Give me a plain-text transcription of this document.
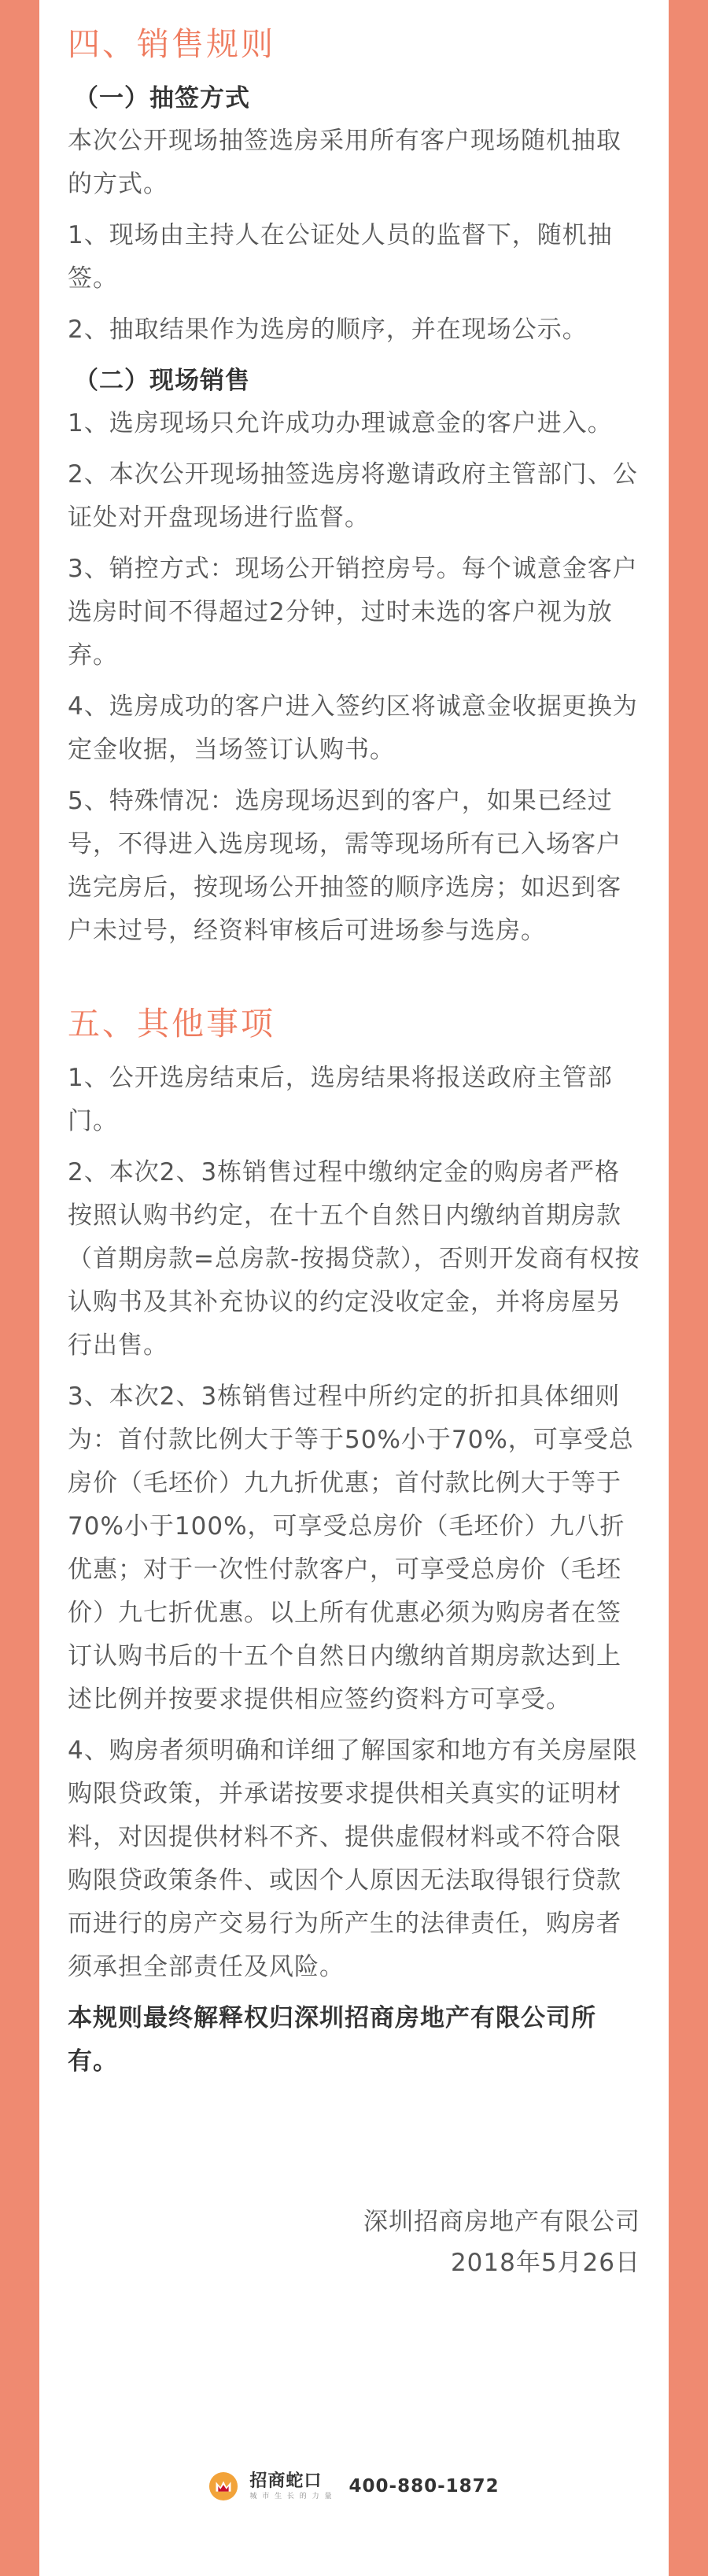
四、销售规则
（一）抽签方式

本次公开现场抽签选房采用所有客户现场随机抽取的方式。

1、现场由主持人在公证处人员的监督下，随机抽签。

2、抽取结果作为选房的顺序，并在现场公示。

（二）现场销售

1、选房现场只允许成功办理诚意金的客户进入。

2、本次公开现场抽签选房将邀请政府主管部门、公证处对开盘现场进行监督。

3、销控方式：现场公开销控房号。每个诚意金客户选房时间不得超过2分钟，过时未选的客户视为放弃。

4、选房成功的客户进入签约区将诚意金收据更换为定金收据，当场签订认购书。

5、特殊情况：选房现场迟到的客户，如果已经过号，不得进入选房现场，需等现场所有已入场客户选完房后，按现场公开抽签的顺序选房；如迟到客户未过号，经资料审核后可进场参与选房。

五、其他事项

1、公开选房结束后，选房结果将报送政府主管部门。

2、本次2、3栋销售过程中缴纳定金的购房者严格按照认购书约定，在十五个自然日内缴纳首期房款（首期房款=总房款-按揭贷款），否则开发商有权按认购书及其补充协议的约定没收定金，并将房屋另行出售。

3、本次2、3栋销售过程中所约定的折扣具体细则为：首付款比例大于等于50%小于70%，可享受总房价（毛坯价）九九折优惠；首付款比例大于等于70%小于100%，可享受总房价（毛坯价）九八折优惠；对于一次性付款客户，可享受总房价（毛坯价）九七折优惠。以上所有优惠必须为购房者在签订认购书后的十五个自然日内缴纳首期房款达到上述比例并按要求提供相应签约资料方可享受。

4、购房者须明确和详细了解国家和地方有关房屋限购限贷政策，并承诺按要求提供相关真实的证明材料，对因提供材料不齐、提供虚假材料或不符合限购限贷政策条件、或因个人原因无法取得银行贷款而进行的房产交易行为所产生的法律责任，购房者须承担全部责任及风险。

本规则最终解释权归深圳招商房地产有限公司所有。

深圳招商房地产有限公司
2018年5月26日
招商蛇口
城 市 生 长 的 力 量 400-880-1872
